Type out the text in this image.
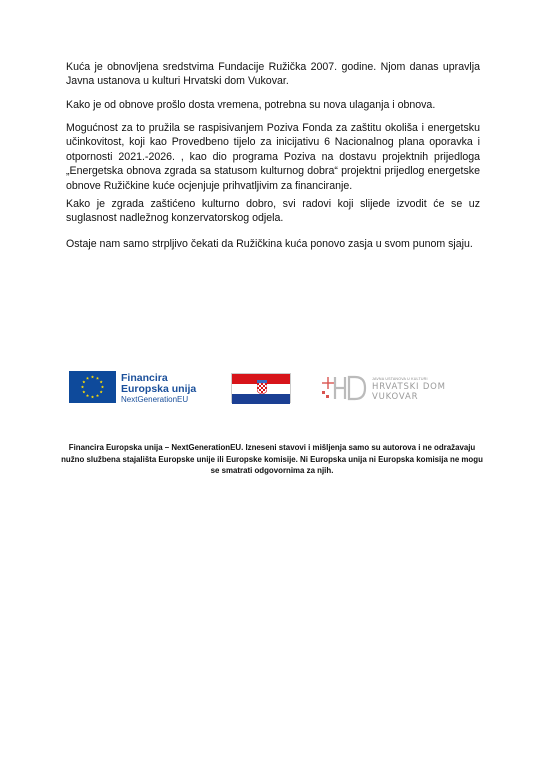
Kuća je obnovljena sredstvima Fundacije Ružička 2007. godine. Njom danas upravlja Javna ustanova u kulturi Hrvatski dom Vukovar.

Kako je od obnove prošlo dosta vremena, potrebna su nova ulaganja i obnova.

Mogućnost za to pružila se raspisivanjem Poziva Fonda za zaštitu okoliša i energetsku učinkovitost, koji kao Provedbeno tijelo za inicijativu 6 Nacionalnog plana oporavka i otpornosti 2021.-2026. , kao dio programa Poziva na dostavu projektnih prijedloga „Energetska obnova zgrada sa statusom kulturnog dobra“ projektni prijedlog energetske obnove Ružičkine kuće ocjenjuje prihvatljivim za financiranje.

Kako je zgrada zaštićeno kulturno dobro, svi radovi koji slijede izvodit će se uz suglasnost nadležnog konzervatorskog odjela.

Ostaje nam samo strpljivo čekati da Ružičkina kuća ponovo zasja u svom punom sjaju.

Financira
Europska unija
NextGenerationEU
JAVNA USTANOVA U KULTURI
HRVATSKI DOM
VUKOVAR

Financira Europska unija – NextGenerationEU. Izneseni stavovi i mišljenja samo su autorova i ne odražavaju nužno službena stajališta Europske unije ili Europske komisije. Ni Europska unija ni Europska komisija ne mogu se smatrati odgovornima za njih.
